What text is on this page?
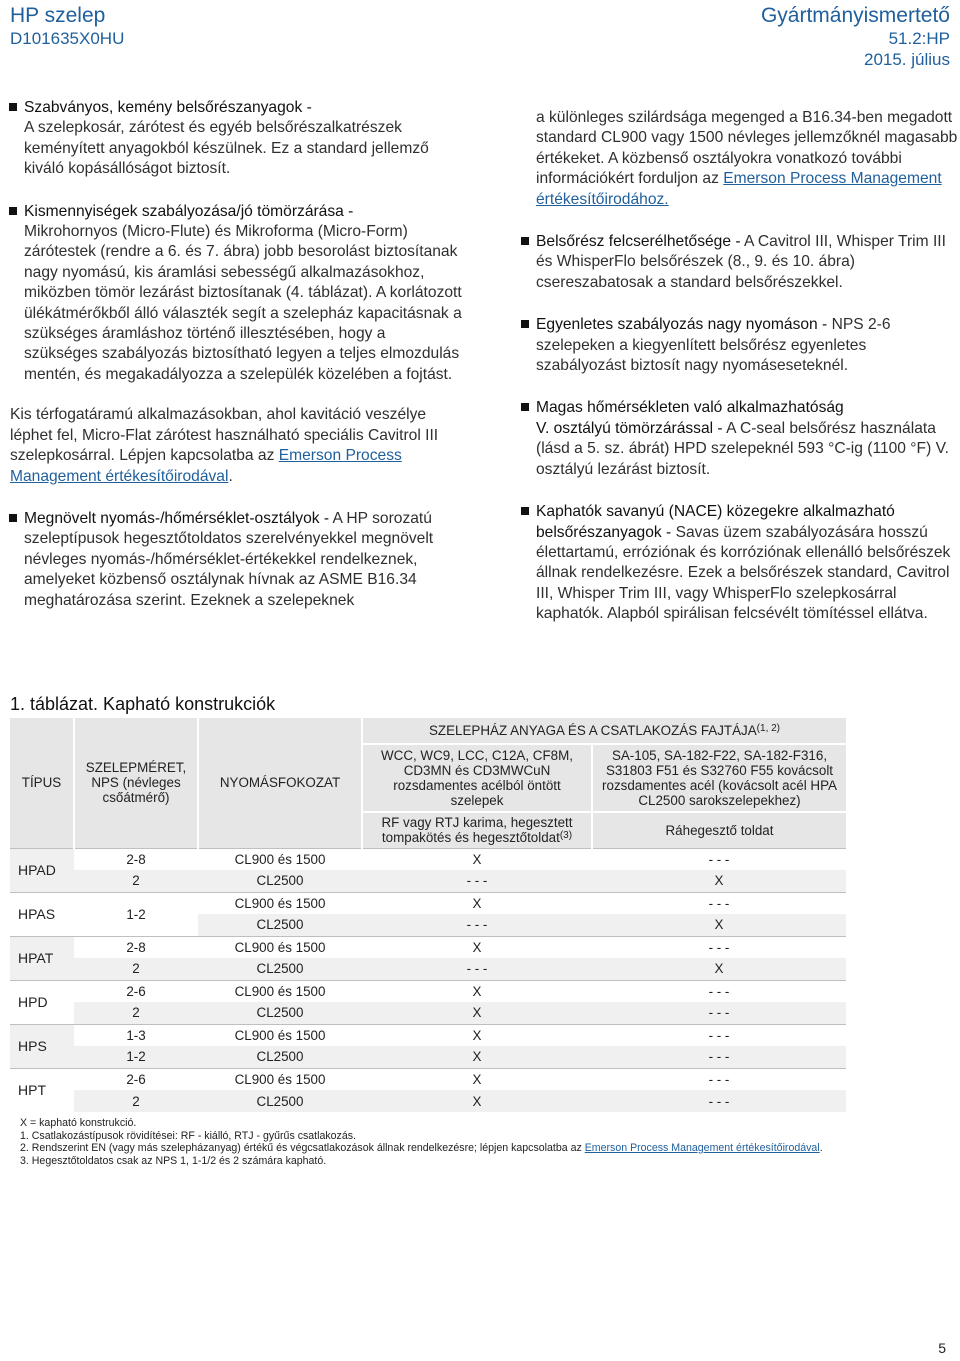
HP szelep
D101635X0HU
Gyártmányismertető
51.2:HP
2015. július

Szabványos, kemény belsőrészanyagok -
A szelepkosár, zárótest és egyéb belsőrészalkatrészek keményített anyagokból készülnek. Ez a standard jellemző kiváló kopásállóságot biztosít.

Kismennyiségek szabályozása/jó tömörzárása -
Mikrohornyos (Micro-Flute) és Mikroforma (Micro-Form) zárótestek (rendre a 6. és 7. ábra) jobb besorolást biztosítanak nagy nyomású, kis áramlási sebességű alkalmazásokhoz, miközben tömör lezárást biztosítanak (4. táblázat). A korlátozott ülékátmérőkből álló választék segít a szelepház kapacitásnak a szükséges áramláshoz történő illesztésében, hogy a szükséges szabályozás biztosítható legyen a teljes elmozdulás mentén, és megakadályozza a szelepülék közelében a fojtást.

Kis térfogatáramú alkalmazásokban, ahol kavitáció veszélye léphet fel, Micro-Flat zárótest használható speciális Cavitrol III szelepkosárral. Lépjen kapcsolatba az Emerson Process Management értékesítőirodával.

Megnövelt nyomás-/hőmérséklet-osztályok - A HP sorozatú szeleptípusok hegesztőtoldatos szerelvényekkel megnövelt névleges nyomás-/hőmérséklet-értékekkel rendelkeznek, amelyeket közbenső osztálynak hívnak az ASME B16.34 meghatározása szerint. Ezeknek a szelepeknek

a különleges szilárdsága megenged a B16.34-ben megadott standard CL900 vagy 1500 névleges jellemzőknél magasabb értékeket. A közbenső osztályokra vonatkozó további információkért forduljon az Emerson Process Management értékesítőirodához.

Belsőrész felcserélhetősége - A Cavitrol III, Whisper Trim III és WhisperFlo belsőrészek (8., 9. és 10. ábra) csereszabatosak a standard belsőrészekkel.

Egyenletes szabályozás nagy nyomáson - NPS 2-6 szelepeken a kiegyenlített belsőrész egyenletes szabályozást biztosít nagy nyomáseseteknél.

Magas hőmérsékleten való alkalmazhatóság
V. osztályú tömörzárással - A C-seal belsőrész használata (lásd a 5. sz. ábrát) HPD szelepeknél 593 °C-ig (1100 °F) V. osztályú lezárást biztosít.

Kaphatók savanyú (NACE) közegekre alkalmazható belsőrészanyagok - Savas üzem szabályozására hosszú élettartamú, erróziónak és korróziónak ellenálló belsőrészek állnak rendelkezésre. Ezek a belsőrészek standard, Cavitrol III, Whisper Trim III, vagy WhisperFlo szelepkosárral kaphatók. Alapból spirálisan felcsévélt tömítéssel ellátva.

1. táblázat. Kapható konstrukciók
TÍPUS	SZELEPMÉRET, NPS (névleges csőátmérő)	NYOMÁSFOKOZAT	SZELEPHÁZ ANYAGA ÉS A CSATLAKOZÁS FAJTÁJA$^{(1, 2)}$
			WCC, WC9, LCC, C12A, CF8M, CD3MN és CD3MWCuN rozsdamentes acélból öntött szelepek	SA-105, SA-182-F22, SA-182-F316, S31803 F51 és S32760 F55 kovácsolt rozsdamentes acél (kovácsolt acél HPA CL2500 sarokszelepekhez)
			RF vagy RTJ karima, hegesztett tompakötés és hegesztőtoldat$^{(3)}$	Ráhegesztő toldat
HPAD	2-8	CL900 és 1500	X	- - -
	2	CL2500	- - -	X
HPAS	1-2	CL900 és 1500	X	- - -
		CL2500	- - -	X
HPAT	2-8	CL900 és 1500	X	- - -
	2	CL2500	- - -	X
HPD	2-6	CL900 és 1500	X	- - -
	2	CL2500	X	- - -
HPS	1-3	CL900 és 1500	X	- - -
	1-2	CL2500	X	- - -
HPT	2-6	CL900 és 1500	X	- - -
	2	CL2500	X	- - -
X = kapható konstrukció.
1. Csatlakozástípusok rövidítései: RF - kiálló, RTJ - gyűrűs csatlakozás.
2. Rendszerint EN (vagy más szelepházanyag) értékű és végcsatlakozások állnak rendelkezésre; lépjen kapcsolatba az Emerson Process Management értékesítőirodával.
3. Hegesztőtoldatos csak az NPS 1, 1-1/2 és 2 számára kapható.
5
